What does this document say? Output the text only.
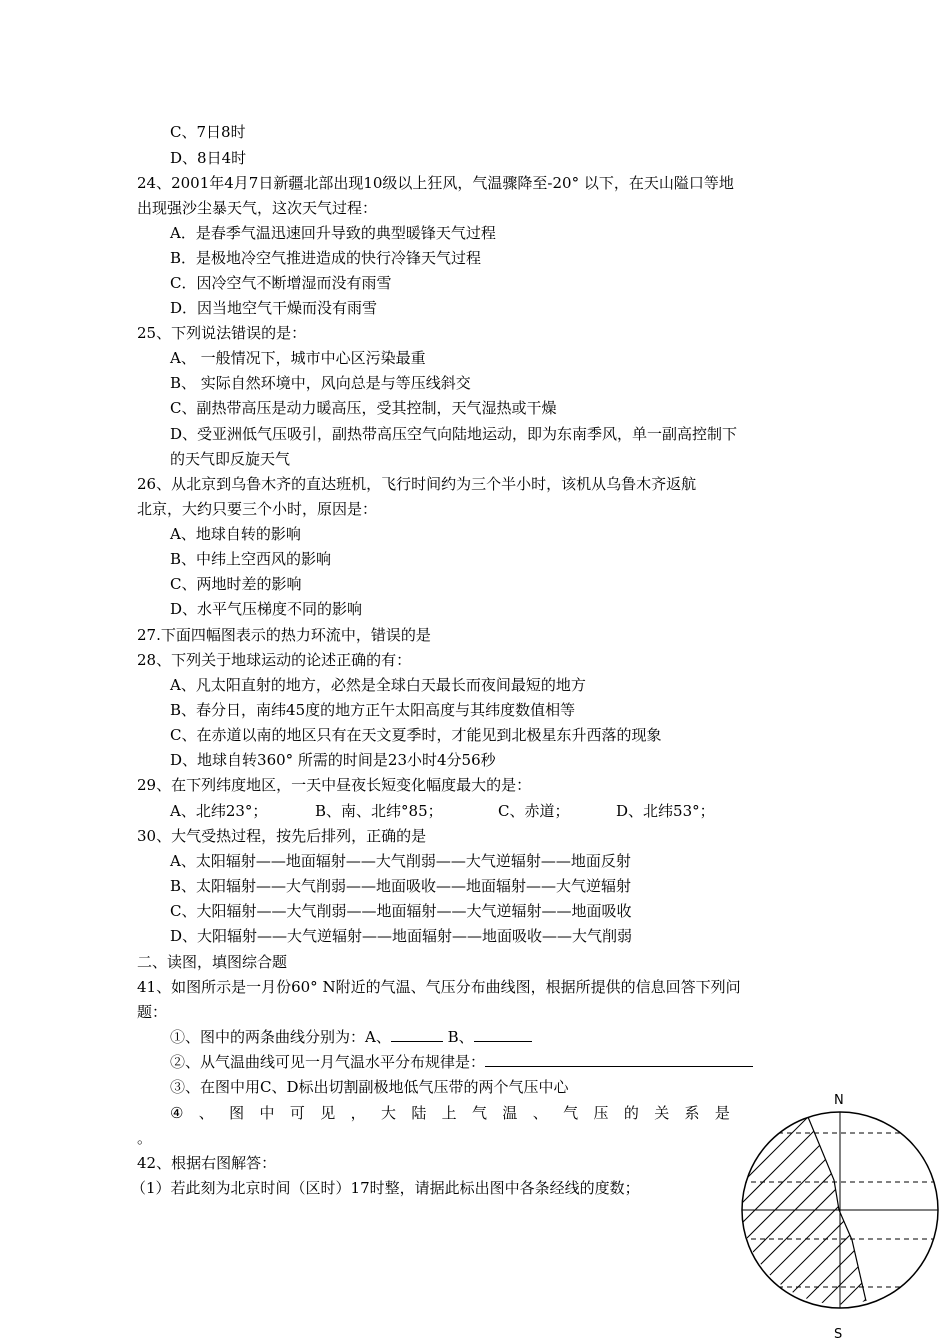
C、7日8时
D、8日4时
24、2001年4月7日新疆北部出现10级以上狂风，气温骤降至-20° 以下，在天山隘口等地
出现强沙尘暴天气，这次天气过程：
A．是春季气温迅速回升导致的典型暖锋天气过程
B．是极地冷空气推进造成的快行冷锋天气过程
C．因冷空气不断增湿而没有雨雪
D．因当地空气干燥而没有雨雪
25、下列说法错误的是：
A、 一般情况下，城市中心区污染最重
B、 实际自然环境中，风向总是与等压线斜交
C、副热带高压是动力暖高压，受其控制，天气湿热或干燥
D、受亚洲低气压吸引，副热带高压空气向陆地运动，即为东南季风，单一副高控制下
的天气即反旋天气
26、从北京到乌鲁木齐的直达班机，飞行时间约为三个半小时，该机从乌鲁木齐返航
北京，大约只要三个小时，原因是：
A、地球自转的影响
B、中纬上空西风的影响
C、两地时差的影响
D、水平气压梯度不同的影响
27.下面四幅图表示的热力环流中，错误的是
28、下列关于地球运动的论述正确的有：
A、凡太阳直射的地方，必然是全球白天最长而夜间最短的地方
B、春分日，南纬45度的地方正午太阳高度与其纬度数值相等
C、在赤道以南的地区只有在天文夏季时，才能见到北极星东升西落的现象
D、地球自转360° 所需的时间是23小时4分56秒
29、在下列纬度地区，一天中昼夜长短变化幅度最大的是：
A、北纬23°；	B、南、北纬°85；	C、赤道；	D、北纬53°；
30、大气受热过程，按先后排列，正确的是
A、太阳辐射——地面辐射——大气削弱——大气逆辐射——地面反射
B、太阳辐射——大气削弱——地面吸收——地面辐射——大气逆辐射
C、大阳辐射——大气削弱——地面辐射——大气逆辐射——地面吸收
D、大阳辐射——大气逆辐射——地面辐射——地面吸收——大气削弱
二、读图，填图综合题
41、如图所示是一月份60° N附近的气温、气压分布曲线图，根据所提供的信息回答下列问
题：
①、图中的两条曲线分别为：A、	B、
②、从气温曲线可见一月气温水平分布规律是：
③、在图中用C、D标出切割副极地低气压带的两个气压中心
④ 、 图 中 可 见 ， 大 陆 上 气 温 、 气 压 的 关 系 是
。
42、根据右图解答：
（1）若此刻为北京时间（区时）17时整，请据此标出图中各条经线的度数；
N
S
